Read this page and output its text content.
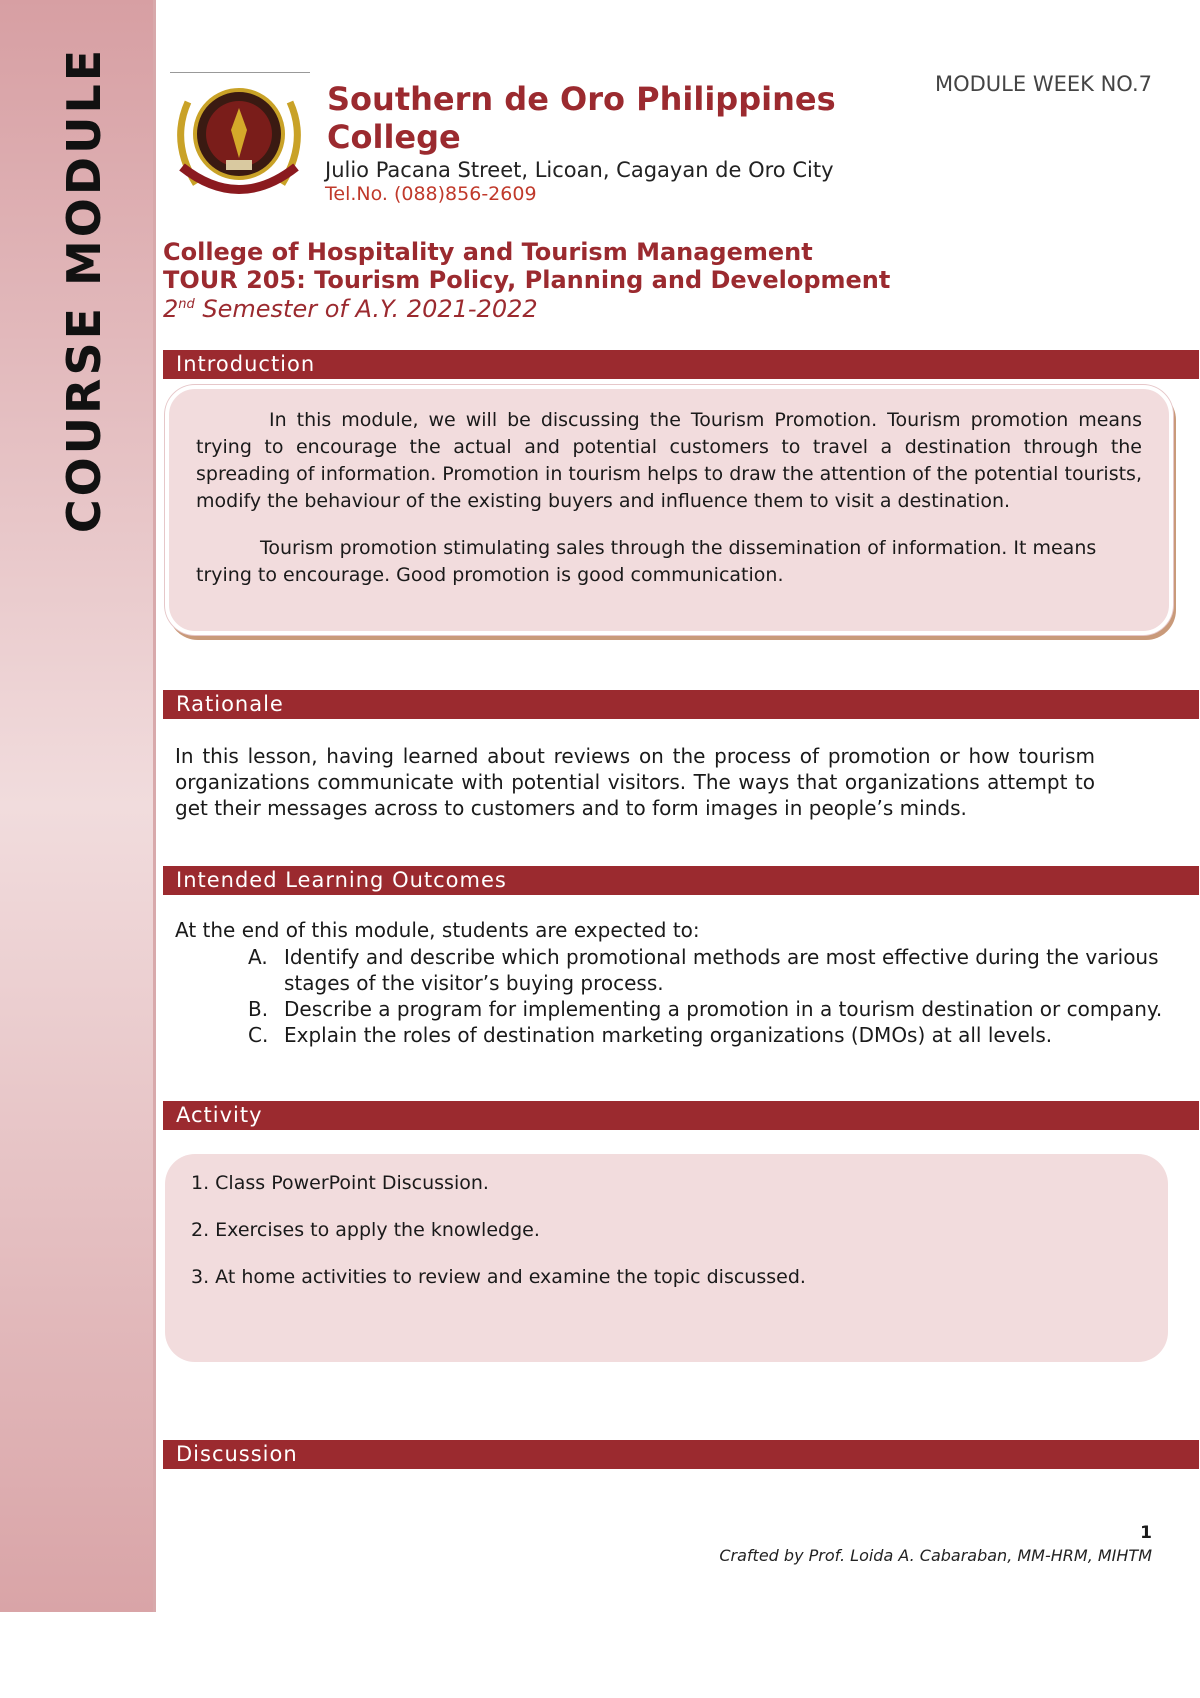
COURSE MODULE	MODULE WEEK NO.7
Southern de Oro Philippines College
Julio Pacana Street, Licoan, Cagayan de Oro City
Tel.No. (088)856-2609
College of Hospitality and Tourism Management
TOUR 205: Tourism Policy, Planning and Development
2nd Semester of A.Y. 2021-2022
Introduction

In this module, we will be discussing the Tourism Promotion. Tourism promotion means trying to encourage the actual and potential customers to travel a destination through the spreading of information. Promotion in tourism helps to draw the attention of the potential tourists, modify the behaviour of the existing buyers and influence them to visit a destination.

Tourism promotion stimulating sales through the dissemination of information. It means trying to encourage. Good promotion is good communication.

Rationale

In this lesson, having learned about reviews on the process of promotion or how tourism organizations communicate with potential visitors. The ways that organizations attempt to get their messages across to customers and to form images in people’s minds.

Intended Learning Outcomes
At the end of this module, students are expected to:
A. Identify and describe which promotional methods are most effective during the various stages of the visitor’s buying process.
B. Describe a program for implementing a promotion in a tourism destination or company.
C. Explain the roles of destination marketing organizations (DMOs) at all levels.
Activity

1. Class PowerPoint Discussion.

2. Exercises to apply the knowledge.

3. At home activities to review and examine the topic discussed.

Discussion
1
Crafted by Prof. Loida A. Cabaraban, MM-HRM, MIHTM
